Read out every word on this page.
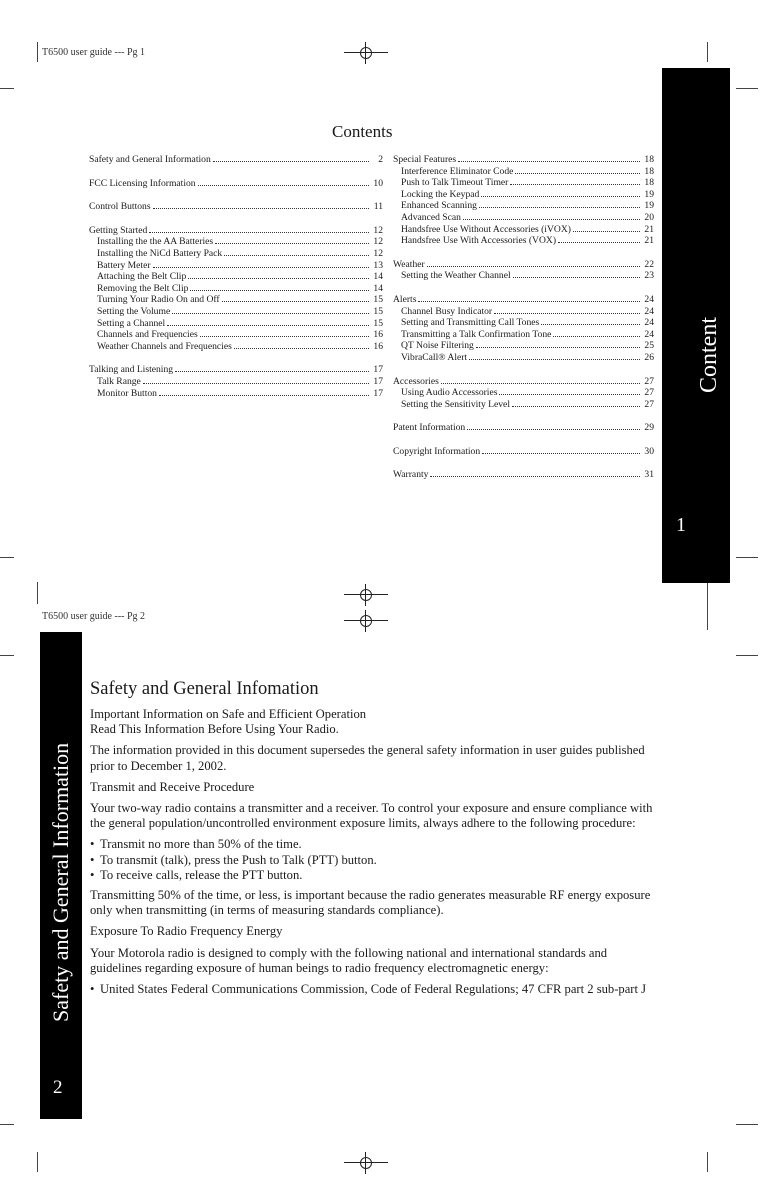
T6500 user guide --- Pg 1
Contents
Safety and General Information	2
FCC Licensing Information	10
Control Buttons	11
Getting Started	12
Installing the the AA Batteries	12
Installing the NiCd Battery Pack	12
Battery Meter	13
Attaching the Belt Clip	14
Removing the Belt Clip	14
Turning Your Radio On and Off	15
Setting the Volume	15
Setting a Channel	15
Channels and Frequencies	16
Weather Channels and Frequencies	16
Talking and Listening	17
Talk Range	17
Monitor Button	17
Special Features	18
Interference Eliminator Code	18
Push to Talk Timeout Timer	18
Locking the Keypad	19
Enhanced Scanning	19
Advanced Scan	20
Handsfree Use Without Accessories (iVOX)	21
Handsfree Use With Accessories (VOX)	21
Weather	22
Setting the Weather Channel	23
Alerts	24
Channel Busy Indicator	24
Setting and Transmitting Call Tones	24
Transmitting a Talk Confirmation Tone	24
QT Noise Filtering	25
VibraCall® Alert	26
Accessories	27
Using Audio Accessories	27
Setting the Sensitivity Level	27
Patent Information	29
Copyright Information	30
Warranty	31
Content
1
T6500 user guide --- Pg 2
Safety and General Information
2
Safety and General Infomation
Important Information on Safe and Efficient Operation

Read This Information Before Using Your Radio.

The information provided in this document supersedes the general safety information in user guides published prior to December 1, 2002.

Transmit and Receive Procedure

Your two-way radio contains a transmitter and a receiver. To control your exposure and ensure compliance with the general population/uncontrolled environment exposure limits, always adhere to the following procedure:

• Transmit no more than 50% of the time.
• To transmit (talk), press the Push to Talk (PTT) button.
• To receive calls, release the PTT button.

Transmitting 50% of the time, or less, is important because the radio generates measurable RF energy exposure only when transmitting (in terms of measuring standards compliance).

Exposure To Radio Frequency Energy

Your Motorola radio is designed to comply with the following national and international standards and guidelines regarding exposure of human beings to radio frequency electromagnetic energy:

• United States Federal Communications Commission, Code of Federal Regulations; 47 CFR part 2 sub-part J
